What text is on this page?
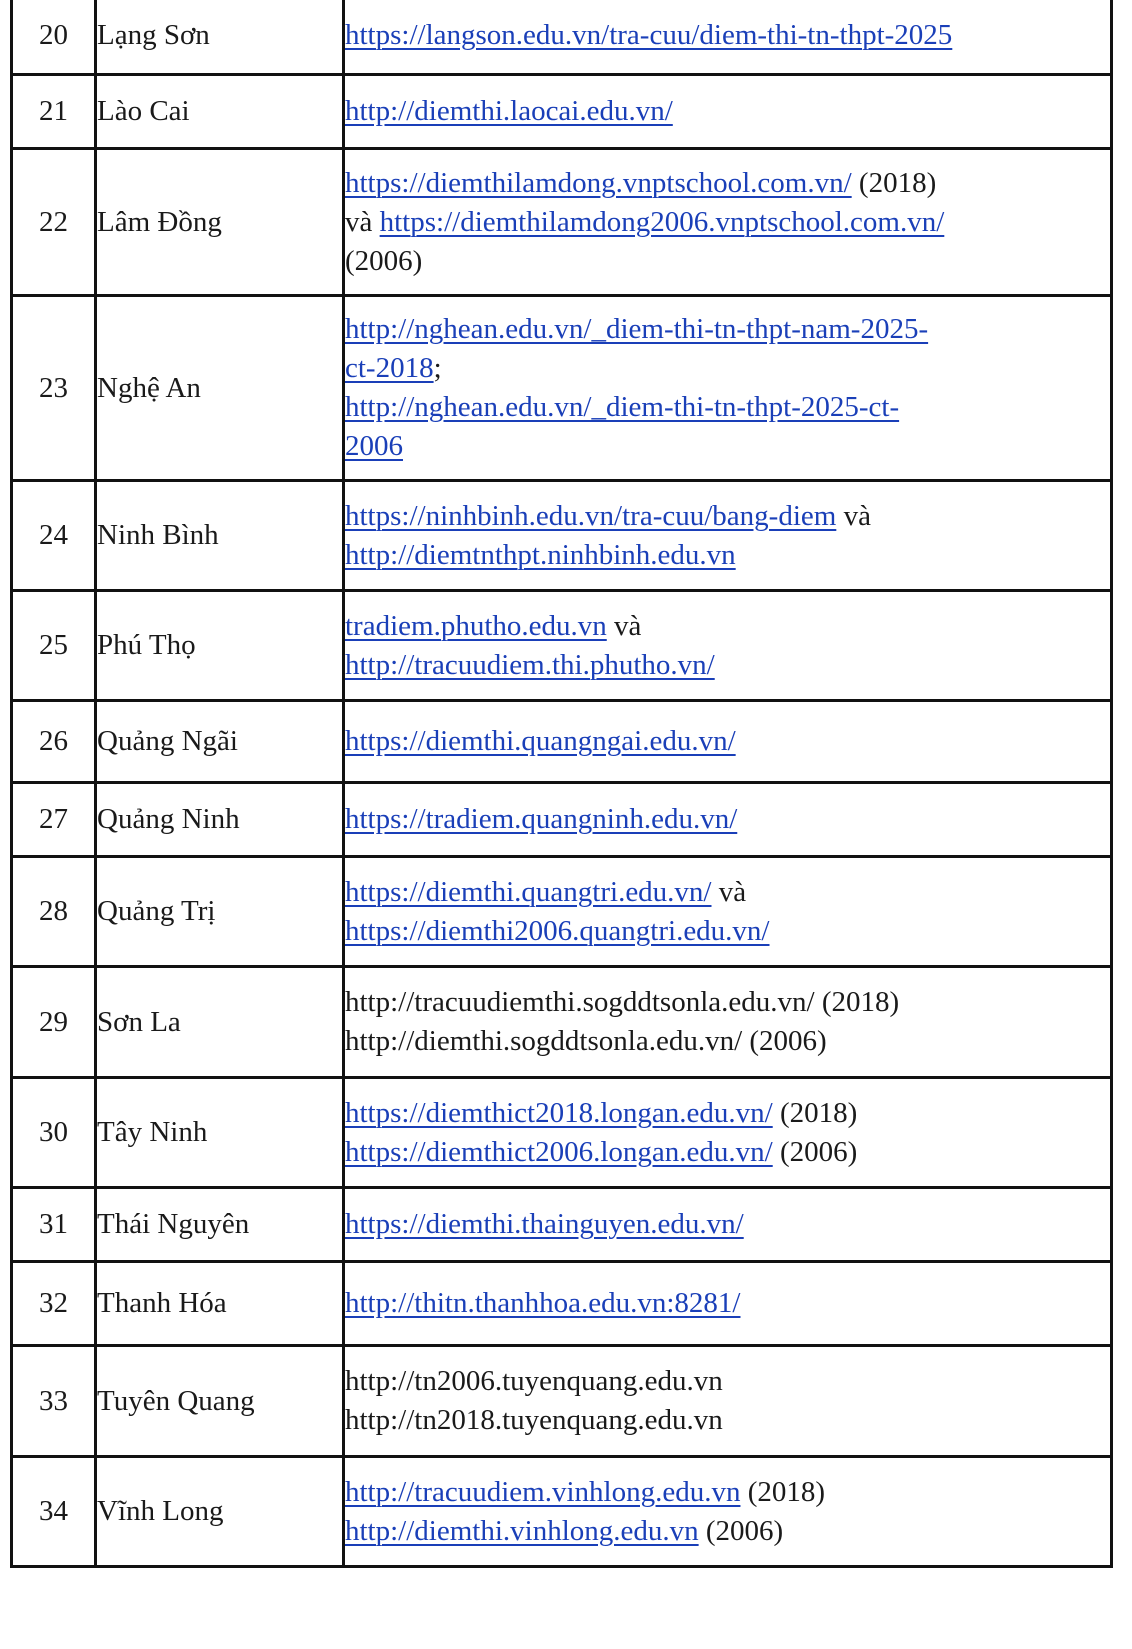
20	Lạng Sơn	https://langson.edu.vn/tra-cuu/diem-thi-tn-thpt-2025
21	Lào Cai	http://diemthi.laocai.edu.vn/
22	Lâm Đồng	https://diemthilamdong.vnptschool.com.vn/ (2018)
và https://diemthilamdong2006.vnptschool.com.vn/
(2006)
23	Nghệ An	http://nghean.edu.vn/_diem-thi-tn-thpt-nam-2025-
ct-2018;
http://nghean.edu.vn/_diem-thi-tn-thpt-2025-ct-
2006
24	Ninh Bình	https://ninhbinh.edu.vn/tra-cuu/bang-diem và
http://diemtnthpt.ninhbinh.edu.vn
25	Phú Thọ	tradiem.phutho.edu.vn và
http://tracuudiem.thi.phutho.vn/
26	Quảng Ngãi	https://diemthi.quangngai.edu.vn/
27	Quảng Ninh	https://tradiem.quangninh.edu.vn/
28	Quảng Trị	https://diemthi.quangtri.edu.vn/ và
https://diemthi2006.quangtri.edu.vn/
29	Sơn La	http://tracuudiemthi.sogddtsonla.edu.vn/ (2018)
http://diemthi.sogddtsonla.edu.vn/ (2006)
30	Tây Ninh	https://diemthict2018.longan.edu.vn/ (2018)
https://diemthict2006.longan.edu.vn/ (2006)
31	Thái Nguyên	https://diemthi.thainguyen.edu.vn/
32	Thanh Hóa	http://thitn.thanhhoa.edu.vn:8281/
33	Tuyên Quang	http://tn2006.tuyenquang.edu.vn
http://tn2018.tuyenquang.edu.vn
34	Vĩnh Long	http://tracuudiem.vinhlong.edu.vn (2018)
http://diemthi.vinhlong.edu.vn (2006)
